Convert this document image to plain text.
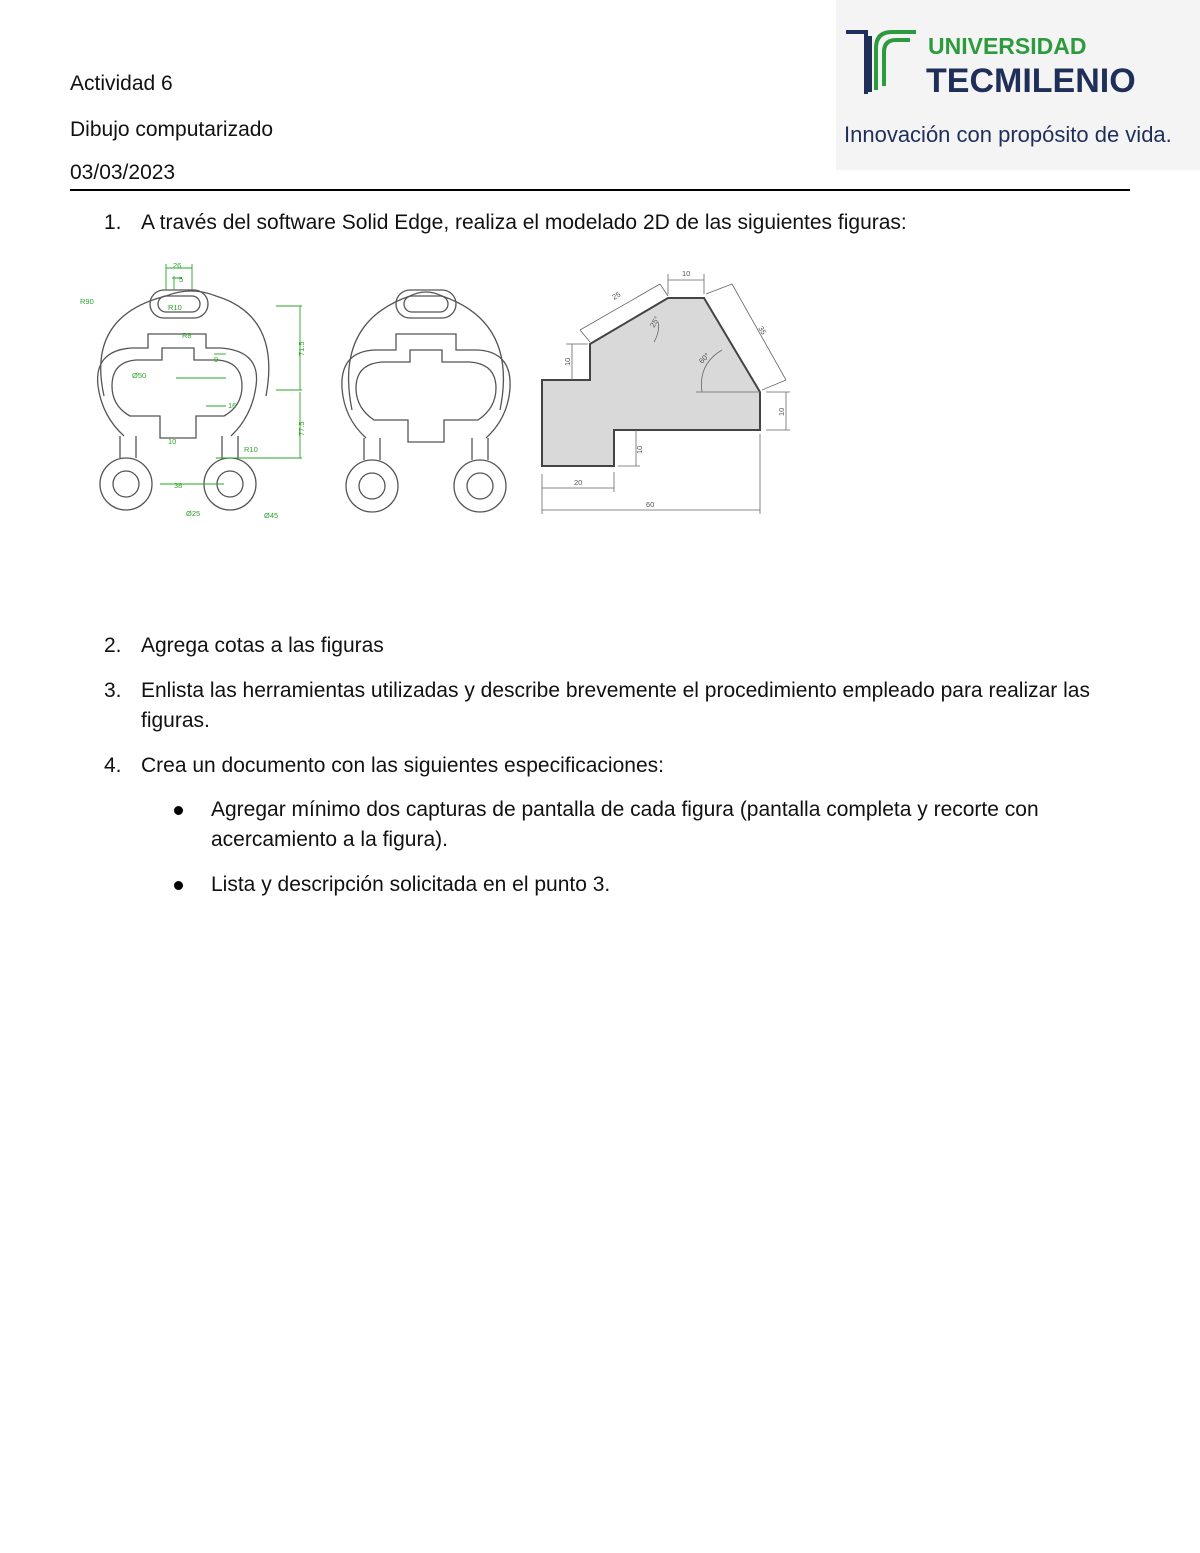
Actividad 6
Dibujo computarizado
03/03/2023
UNIVERSIDAD
TECMILENIO
Innovación con propósito de vida.
1. A través del software Solid Edge, realiza el modelado 2D de las siguientes figuras:
26
5
R10
R90
R8
9
Ø50
16
10
R10
71.5
77.5
38
Ø25	Ø45
10
25
25°
35
60°
10
10
10
20
60
2. Agrega cotas a las figuras
3. Enlista las herramientas utilizadas y describe brevemente el procedimiento empleado para realizar las figuras.
4. Crea un documento con las siguientes especificaciones:
Agregar mínimo dos capturas de pantalla de cada figura (pantalla completa y recorte con acercamiento a la figura).
Lista y descripción solicitada en el punto 3.
